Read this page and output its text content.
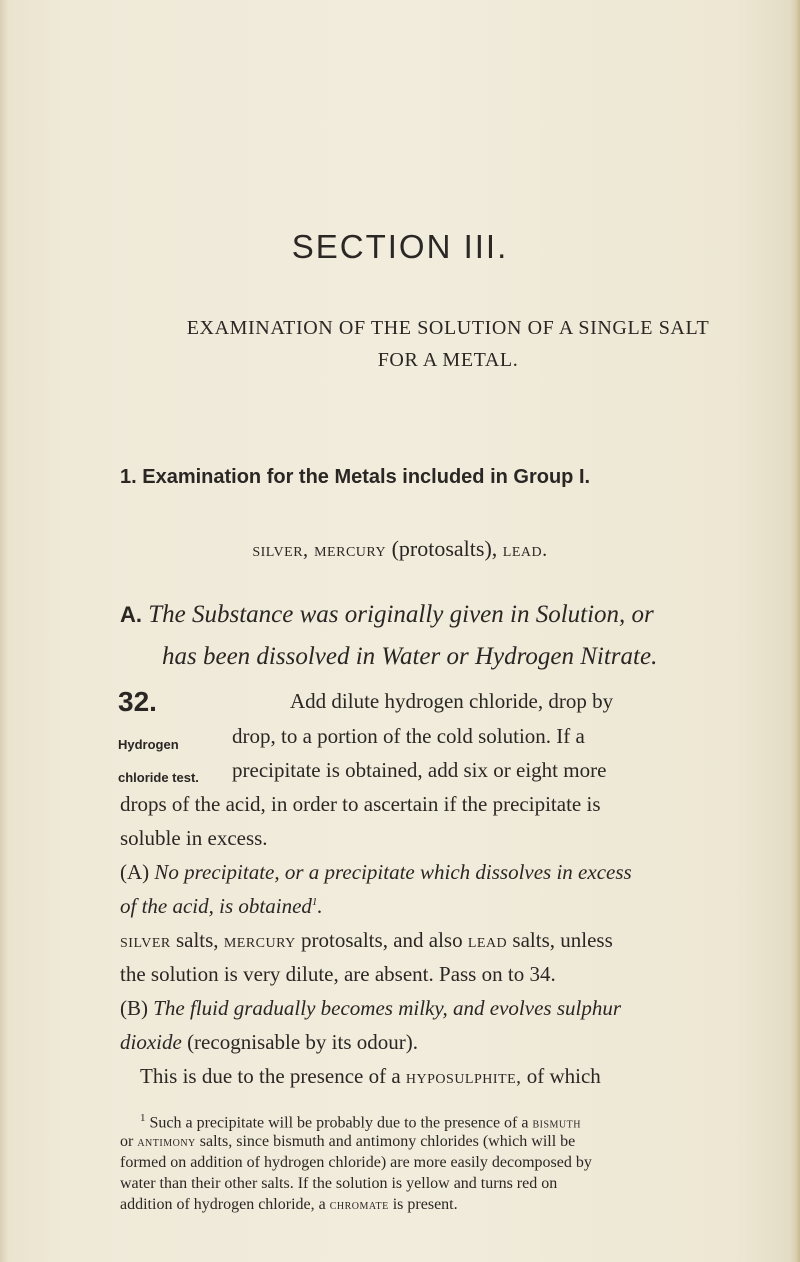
SECTION III.
EXAMINATION OF THE SOLUTION OF A SINGLE SALT
FOR A METAL.
1. Examination for the Metals included in Group I.
silver, mercury (protosalts), lead.
A. The Substance was originally given in Solution, or
has been dissolved in Water or Hydrogen Nitrate.
32.
Hydrogen
chloride test.
Add dilute hydrogen chloride, drop by
drop, to a portion of the cold solution. If a
precipitate is obtained, add six or eight more
drops of the acid, in order to ascertain if the precipitate is
soluble in excess.
(A) No precipitate, or a precipitate which dissolves in excess
of the acid, is obtained$^1$.
silver salts, mercury protosalts, and also lead salts, unless
the solution is very dilute, are absent. Pass on to 34.
(B) The fluid gradually becomes milky, and evolves sulphur
dioxide (recognisable by its odour).
This is due to the presence of a hyposulphite, of which
$^1$ Such a precipitate will be probably due to the presence of a bismuth
or antimony salts, since bismuth and antimony chlorides (which will be
formed on addition of hydrogen chloride) are more easily decomposed by
water than their other salts. If the solution is yellow and turns red on
addition of hydrogen chloride, a chromate is present.
